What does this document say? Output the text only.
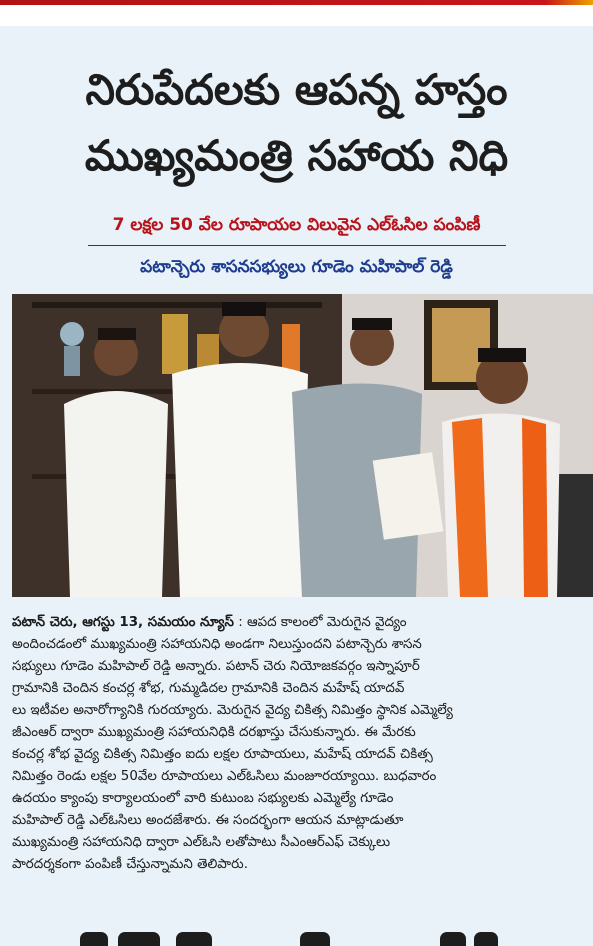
నిరుపేదలకు ఆపన్న హస్తం
ముఖ్యమంత్రి సహాయ నిధి
7 లక్షల 50 వేల రూపాయల విలువైన ఎల్‌ఓసిల పంపిణీ
పటాన్చెరు శాసనసభ్యులు గూడెం మహిపాల్ రెడ్డి
పటాన్ చెరు, ఆగస్టు 13, సమయం న్యూస్ : ఆపద కాలంలో మెరుగైన వైద్యం
అందించడంలో ముఖ్యమంత్రి సహాయనిధి అండగా నిలుస్తుందని పటాన్చెరు శాసన
సభ్యులు గూడెం మహిపాల్ రెడ్డి అన్నారు. పటాన్ చెరు నియోజకవర్గం ఇస్నాపూర్
గ్రామానికి చెందిన కంచర్ల శోభ, గుమ్మడిదల గ్రామానికి చెందిన మహేష్ యాదవ్
లు ఇటీవల అనారోగ్యానికి గురయ్యారు. మెరుగైన వైద్య చికిత్స నిమిత్తం స్థానిక ఎమ్మెల్యే
జీఎంఆర్ ద్వారా ముఖ్యమంత్రి సహాయనిధికి దరఖాస్తు చేసుకున్నారు. ఈ మేరకు
కంచర్ల శోభ వైద్య చికిత్స నిమిత్తం ఐదు లక్షల రూపాయలు, మహేష్ యాదవ్ చికిత్స
నిమిత్తం రెండు లక్షల 50వేల రూపాయలు ఎల్ఓసిలు మంజూరయ్యాయి. బుధవారం
ఉదయం క్యాంపు కార్యాలయంలో వారి కుటుంబ సభ్యులకు ఎమ్మెల్యే గూడెం
మహిపాల్ రెడ్డి ఎల్ఓసిలు అందజేశారు. ఈ సందర్భంగా ఆయన మాట్లాడుతూ
ముఖ్యమంత్రి సహాయనిధి ద్వారా ఎల్ఓసి లతోపాటు సీఎంఆర్ఎఫ్ చెక్కులు
పారదర్శకంగా పంపిణీ చేస్తున్నామని తెలిపారు.
